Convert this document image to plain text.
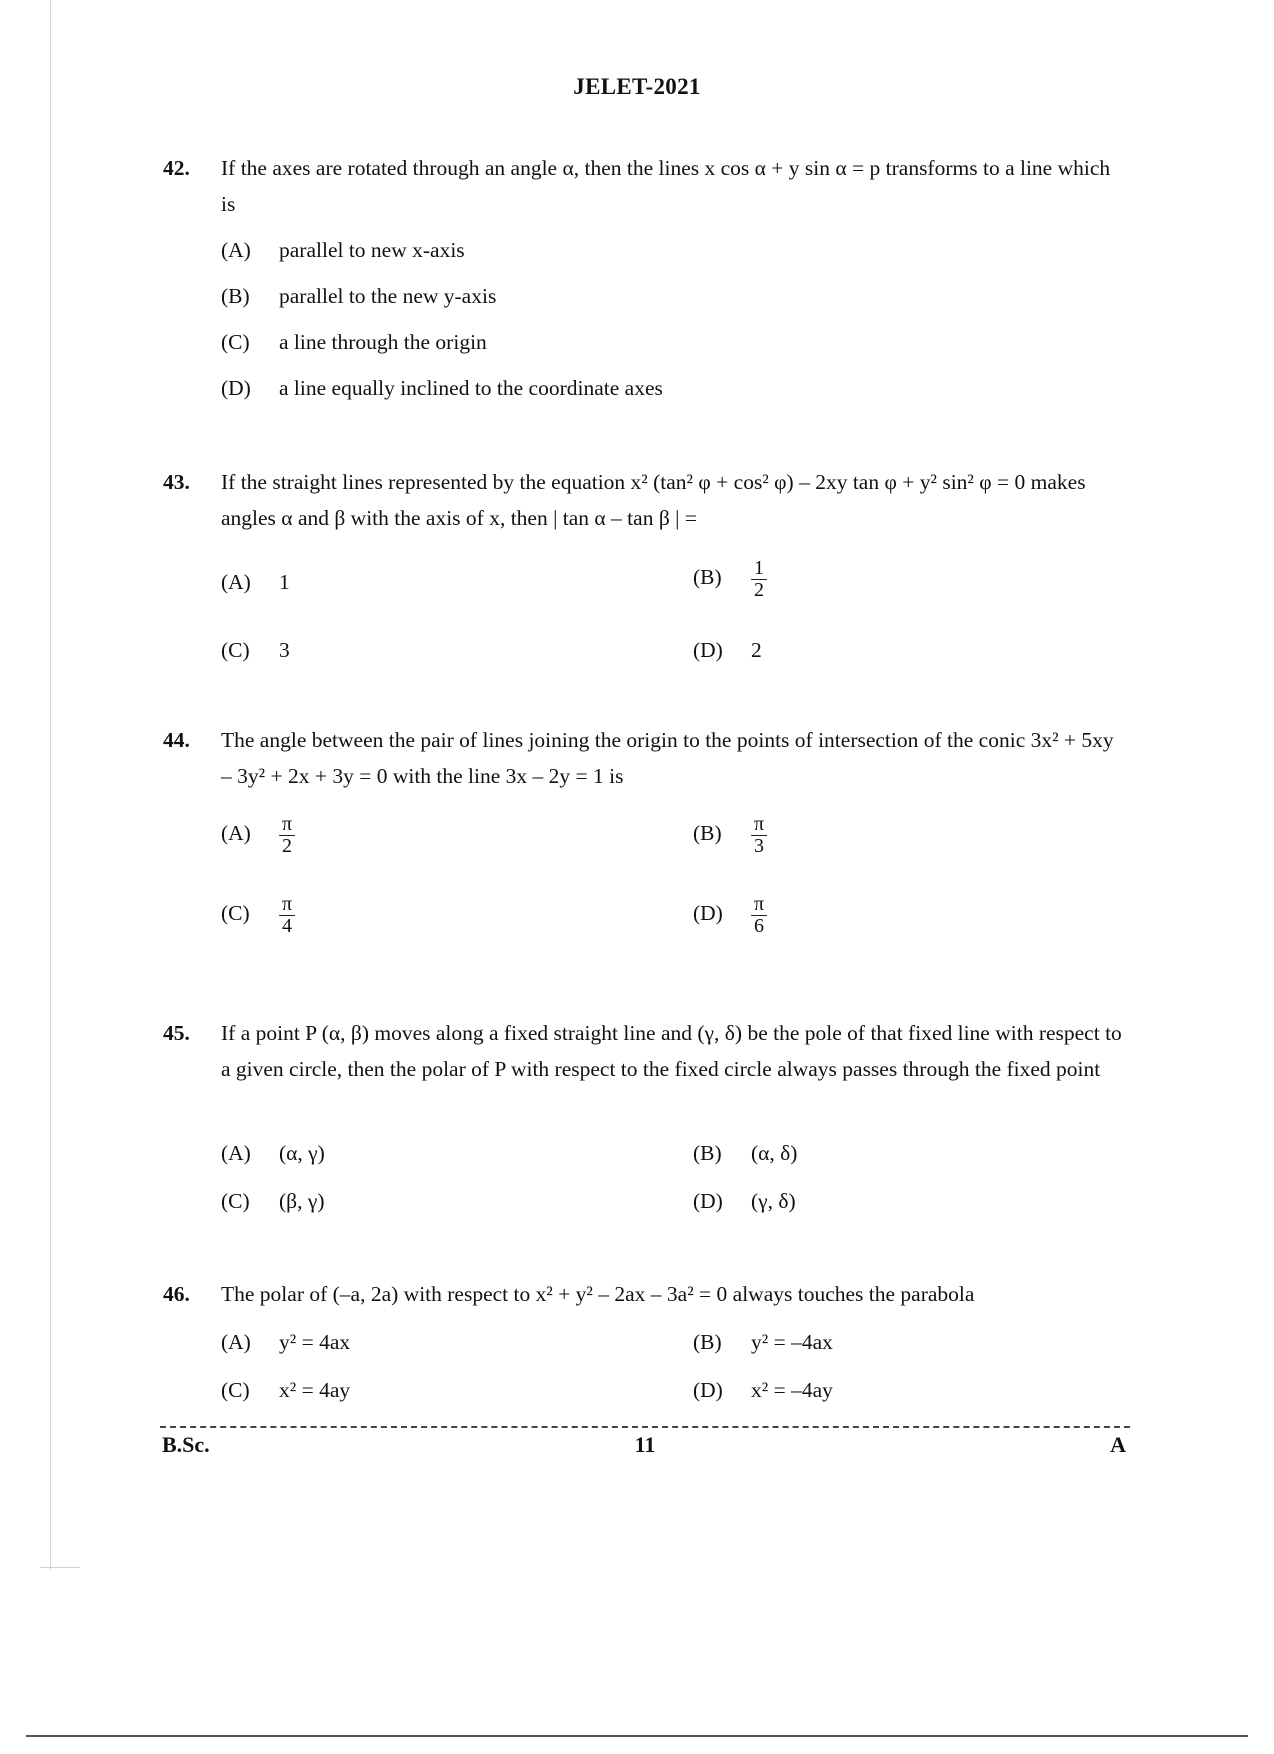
JELET-2021
42. If the axes are rotated through an angle α, then the lines x cos α + y sin α = p transforms to a line which is
(A) parallel to new x-axis
(B) parallel to the new y-axis
(C) a line through the origin
(D) a line equally inclined to the coordinate axes
43. If the straight lines represented by the equation x² (tan² φ + cos² φ) – 2xy tan φ + y² sin² φ = 0 makes angles α and β with the axis of x, then | tan α – tan β | =
(A) 1	$(B) \frac{1}{2}$
(C) 3	(D) 2
44. The angle between the pair of lines joining the origin to the points of intersection of the conic 3x² + 5xy – 3y² + 2x + 3y = 0 with the line 3x – 2y = 1 is
$(A) \frac{\pi}{2}$	$(B) \frac{\pi}{3}$
$(C) \frac{\pi}{4}$	$(D) \frac{\pi}{6}$
45. If a point P (α, β) moves along a fixed straight line and (γ, δ) be the pole of that fixed line with respect to a given circle, then the polar of P with respect to the fixed circle always passes through the fixed point
(A) (α, γ)	(B) (α, δ)
(C) (β, γ)	(D) (γ, δ)
46. The polar of (–a, 2a) with respect to x² + y² – 2ax – 3a² = 0 always touches the parabola
(A) y² = 4ax	(B) y² = –4ax
(C) x² = 4ay	(D) x² = –4ay
B.Sc.	11	A
